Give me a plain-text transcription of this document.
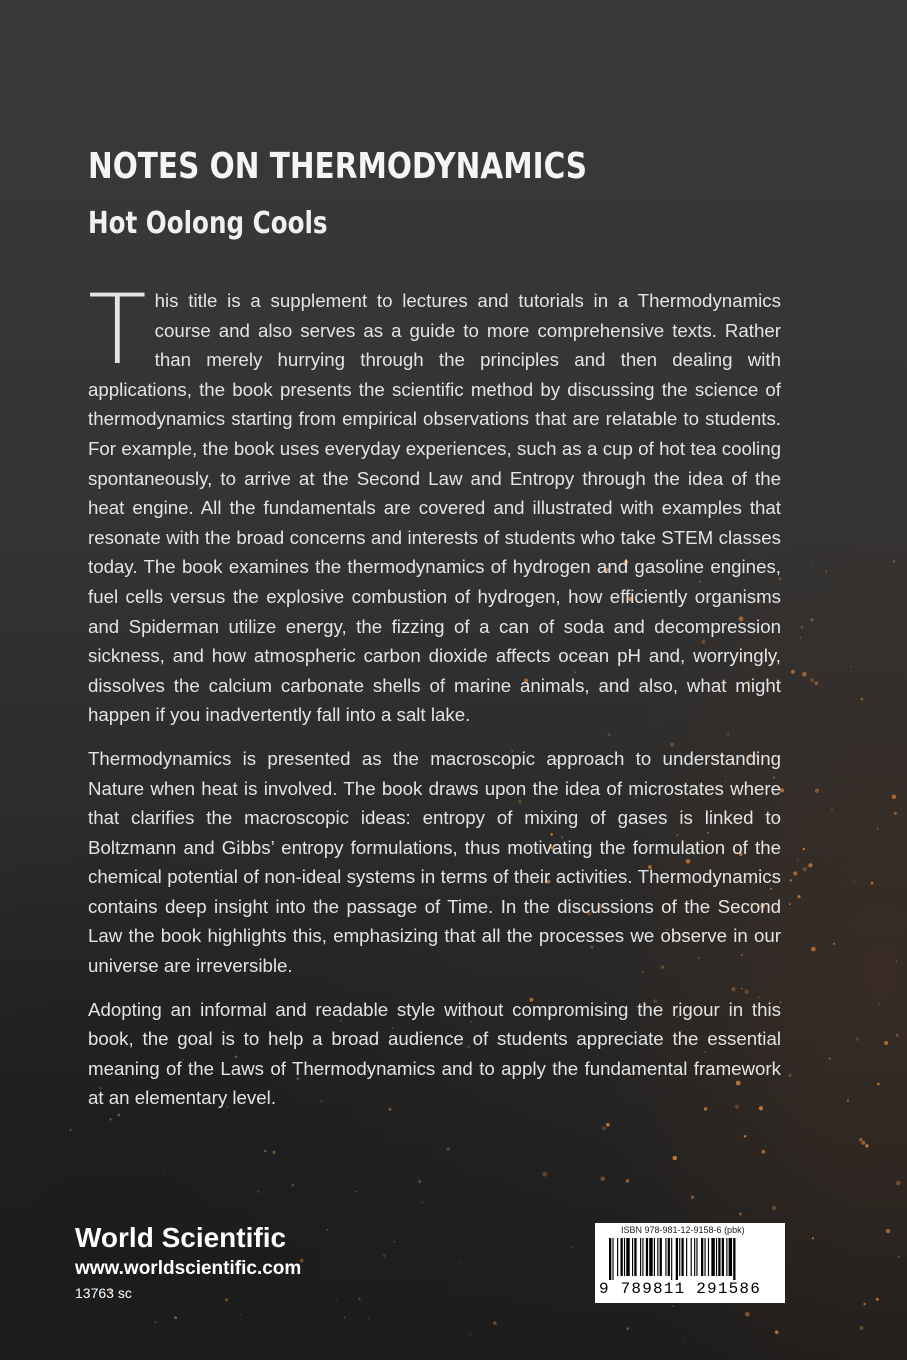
NOTES ON THERMODYNAMICS
Hot Oolong Cools

This title is a supplement to lectures and tutorials in a Thermodynamics course and also serves as a guide to more comprehensive texts. Rather than merely hurrying through the principles and then dealing with applications, the book presents the scientific method by discussing the science of thermodynamics starting from empirical observations that are relatable to students. For example, the book uses everyday experiences, such as a cup of hot tea cooling spontaneously, to arrive at the Second Law and Entropy through the idea of the heat engine. All the fundamentals are covered and illustrated with examples that resonate with the broad concerns and interests of students who take STEM classes today. The book examines the thermodynamics of hydrogen and gasoline engines, fuel cells versus the explosive combustion of hydrogen, how efficiently organisms and Spiderman utilize energy, the fizzing of a can of soda and decompression sickness, and how atmospheric carbon dioxide affects ocean pH and, worryingly, dissolves the calcium carbonate shells of marine animals, and also, what might happen if you inadvertently fall into a salt lake.

Thermodynamics is presented as the macroscopic approach to understanding Nature when heat is involved. The book draws upon the idea of microstates where that clarifies the macroscopic ideas: entropy of mixing of gases is linked to Boltzmann and Gibbs’ entropy formulations, thus motivating the formulation of the chemical potential of non-ideal systems in terms of their activities. Thermodynamics contains deep insight into the passage of Time. In the discussions of the Second Law the book highlights this, emphasizing that all the processes we observe in our universe are irreversible.

Adopting an informal and readable style without compromising the rigour in this book, the goal is to help a broad audience of students appreciate the essential meaning of the Laws of Thermodynamics and to apply the fundamental framework at an elementary level.

World Scientific
www.worldscientific.com
13763 sc
ISBN 978-981-12-9158-6 (pbk)
9 789811 291586
